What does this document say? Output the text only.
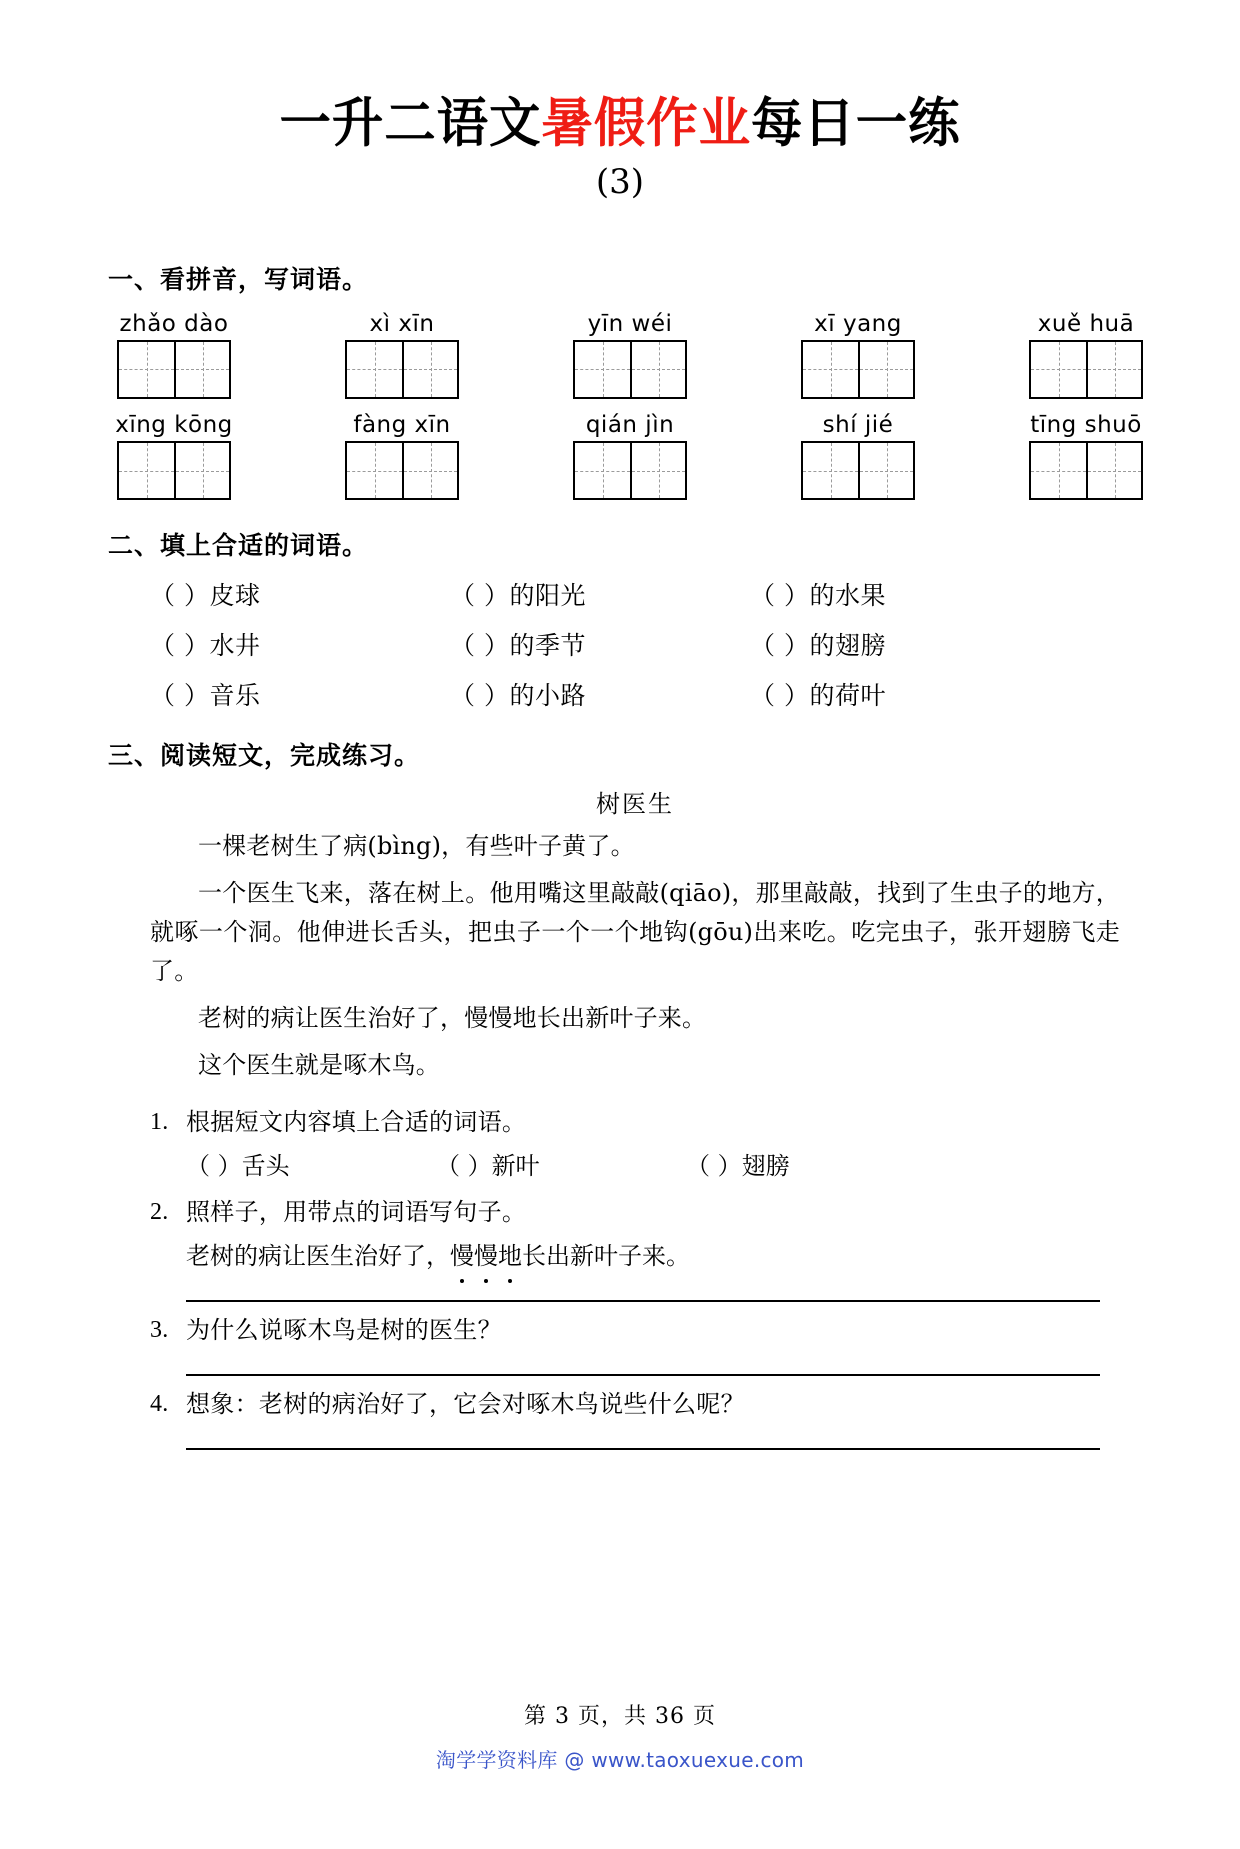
一升二语文暑假作业每日一练
(3)
一、看拼音，写词语。
zhǎo dào	xì xīn	yīn wéi	xī yang	xuě huā
xīng kōng	fàng xīn	qián jìn	shí jié	tīng shuō
二、填上合适的词语。
（ ）皮球	（ ）的阳光	（ ）的水果
（ ）水井	（ ）的季节	（ ）的翅膀
（ ）音乐	（ ）的小路	（ ）的荷叶
三、阅读短文，完成练习。
树医生

一棵老树生了病(bìng)，有些叶子黄了。

一个医生飞来，落在树上。他用嘴这里敲敲(qiāo)，那里敲敲，找到了生虫子的地方，就啄一个洞。他伸进长舌头，把虫子一个一个地钩(gōu)出来吃。吃完虫子，张开翅膀飞走了。

老树的病让医生治好了，慢慢地长出新叶子来。

这个医生就是啄木鸟。

1. 根据短文内容填上合适的词语。
（ ）舌头	（ ）新叶	（ ）翅膀
2. 照样子，用带点的词语写句子。
老树的病让医生治好了，慢慢地
长出新叶子来。
3. 为什么说啄木鸟是树的医生？
4. 想象：老树的病治好了，它会对啄木鸟说些什么呢？
第 3 页，共 36 页
淘学学资料库 @ www.taoxuexue.com
